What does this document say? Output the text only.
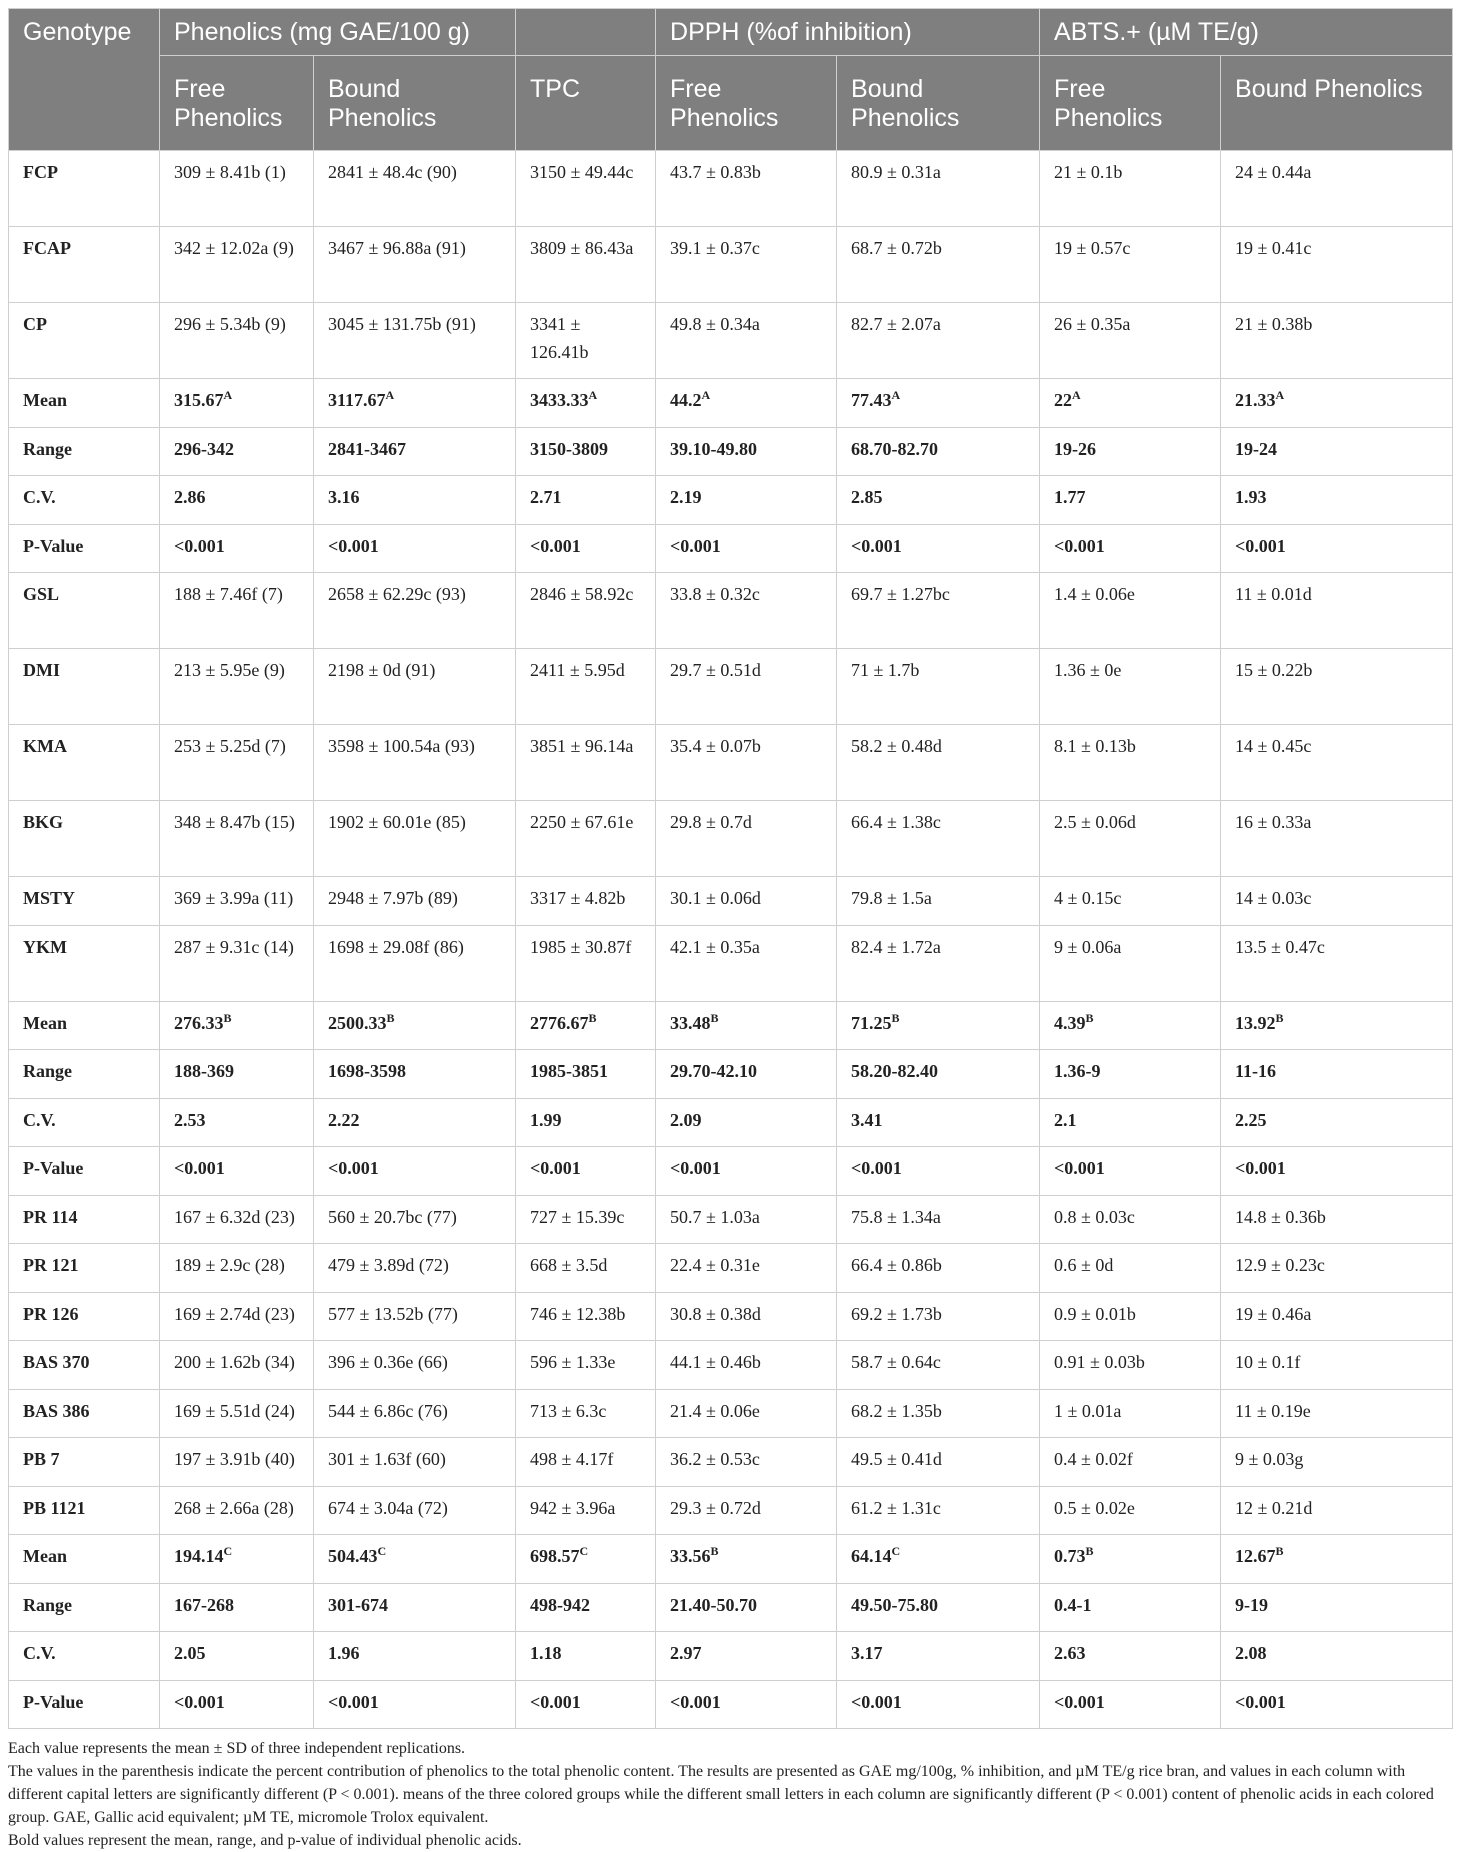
Genotype	Phenolics (mg GAE/100 g)			DPPH (%of inhibition)		ABTS.+ (µM TE/g)	
	Free Phenolics	Bound Phenolics	TPC	Free Phenolics	Bound Phenolics	Free Phenolics	Bound Phenolics
FCP	309 ± 8.41b (1)	2841 ± 48.4c (90)	3150 ± 49.44c	43.7 ± 0.83b	80.9 ± 0.31a	21 ± 0.1b	24 ± 0.44a
FCAP	342 ± 12.02a (9)	3467 ± 96.88a (91)	3809 ± 86.43a	39.1 ± 0.37c	68.7 ± 0.72b	19 ± 0.57c	19 ± 0.41c
CP	296 ± 5.34b (9)	3045 ± 131.75b (91)	3341 ± 126.41b	49.8 ± 0.34a	82.7 ± 2.07a	26 ± 0.35a	21 ± 0.38b
Mean	$315.67^A$	$3117.67^A$	$3433.33^A$	$44.2^A$	$77.43^A$	$22^A$	$21.33^A$
Range	296-342	2841-3467	3150-3809	39.10-49.80	68.70-82.70	19-26	19-24
C.V.	2.86	3.16	2.71	2.19	2.85	1.77	1.93
P-Value	<0.001	<0.001	<0.001	<0.001	<0.001	<0.001	<0.001
GSL	188 ± 7.46f (7)	2658 ± 62.29c (93)	2846 ± 58.92c	33.8 ± 0.32c	69.7 ± 1.27bc	1.4 ± 0.06e	11 ± 0.01d
DMI	213 ± 5.95e (9)	2198 ± 0d (91)	2411 ± 5.95d	29.7 ± 0.51d	71 ± 1.7b	1.36 ± 0e	15 ± 0.22b
KMA	253 ± 5.25d (7)	3598 ± 100.54a (93)	3851 ± 96.14a	35.4 ± 0.07b	58.2 ± 0.48d	8.1 ± 0.13b	14 ± 0.45c
BKG	348 ± 8.47b (15)	1902 ± 60.01e (85)	2250 ± 67.61e	29.8 ± 0.7d	66.4 ± 1.38c	2.5 ± 0.06d	16 ± 0.33a
MSTY	369 ± 3.99a (11)	2948 ± 7.97b (89)	3317 ± 4.82b	30.1 ± 0.06d	79.8 ± 1.5a	4 ± 0.15c	14 ± 0.03c
YKM	287 ± 9.31c (14)	1698 ± 29.08f (86)	1985 ± 30.87f	42.1 ± 0.35a	82.4 ± 1.72a	9 ± 0.06a	13.5 ± 0.47c
Mean	$276.33^B$	$2500.33^B$	$2776.67^B$	$33.48^B$	$71.25^B$	$4.39^B$	$13.92^B$
Range	188-369	1698-3598	1985-3851	29.70-42.10	58.20-82.40	1.36-9	11-16
C.V.	2.53	2.22	1.99	2.09	3.41	2.1	2.25
P-Value	<0.001	<0.001	<0.001	<0.001	<0.001	<0.001	<0.001
PR 114	167 ± 6.32d (23)	560 ± 20.7bc (77)	727 ± 15.39c	50.7 ± 1.03a	75.8 ± 1.34a	0.8 ± 0.03c	14.8 ± 0.36b
PR 121	189 ± 2.9c (28)	479 ± 3.89d (72)	668 ± 3.5d	22.4 ± 0.31e	66.4 ± 0.86b	0.6 ± 0d	12.9 ± 0.23c
PR 126	169 ± 2.74d (23)	577 ± 13.52b (77)	746 ± 12.38b	30.8 ± 0.38d	69.2 ± 1.73b	0.9 ± 0.01b	19 ± 0.46a
BAS 370	200 ± 1.62b (34)	396 ± 0.36e (66)	596 ± 1.33e	44.1 ± 0.46b	58.7 ± 0.64c	0.91 ± 0.03b	10 ± 0.1f
BAS 386	169 ± 5.51d (24)	544 ± 6.86c (76)	713 ± 6.3c	21.4 ± 0.06e	68.2 ± 1.35b	1 ± 0.01a	11 ± 0.19e
PB 7	197 ± 3.91b (40)	301 ± 1.63f (60)	498 ± 4.17f	36.2 ± 0.53c	49.5 ± 0.41d	0.4 ± 0.02f	9 ± 0.03g
PB 1121	268 ± 2.66a (28)	674 ± 3.04a (72)	942 ± 3.96a	29.3 ± 0.72d	61.2 ± 1.31c	0.5 ± 0.02e	12 ± 0.21d
Mean	$194.14^C$	$504.43^C$	$698.57^C$	$33.56^B$	$64.14^C$	$0.73^B$	$12.67^B$
Range	167-268	301-674	498-942	21.40-50.70	49.50-75.80	0.4-1	9-19
C.V.	2.05	1.96	1.18	2.97	3.17	2.63	2.08
P-Value	<0.001	<0.001	<0.001	<0.001	<0.001	<0.001	<0.001

Each value represents the mean ± SD of three independent replications.

The values in the parenthesis indicate the percent contribution of phenolics to the total phenolic content. The results are presented as GAE mg/100g, % inhibition, and µM TE/g rice bran, and values in each column with different capital letters are significantly different (P < 0.001). means of the three colored groups while the different small letters in each column are significantly different (P < 0.001) content of phenolic acids in each colored group. GAE, Gallic acid equivalent; µM TE, micromole Trolox equivalent.

Bold values represent the mean, range, and p-value of individual phenolic acids.
